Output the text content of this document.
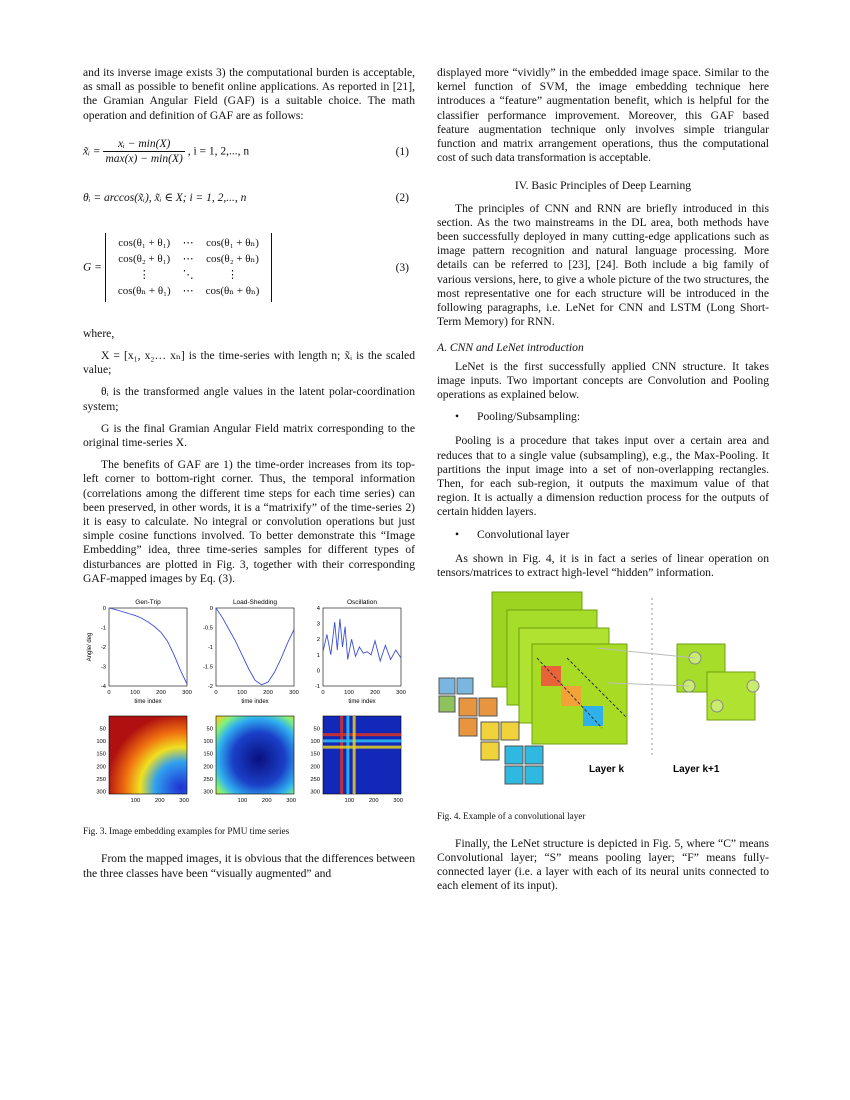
and its inverse image exists 3) the computational burden is acceptable, as small as possible to benefit online applications. As reported in [21], the Gramian Angular Field (GAF) is a suitable choice. The math operation and definition of GAF are as follows:

x̃ᵢ = $\frac{\text{xᵢ − min(X)}}{\max(x) - \min(X)}$ , i = 1, 2,..., n	(1)
θᵢ = arccos(x̃ᵢ), x̃ᵢ ∈ X; i = 1, 2,..., n	(2)
G =
cos(θ₁ + θ₁)	⋯	cos(θ₁ + θₙ)
cos(θ₂ + θ₁)	⋯	cos(θ₂ + θₙ)
⋮	⋱	⋮
cos(θₙ + θ₁)	⋯	cos(θₙ + θₙ)
(3)

where,

X = [x₁, x₂… xₙ] is the time-series with length n; x̃ᵢ is the scaled value;

θᵢ is the transformed angle values in the latent polar-coordination system;

G is the final Gramian Angular Field matrix corresponding to the original time-series X.

The benefits of GAF are 1) the time-order increases from its top-left corner to bottom-right corner. Thus, the temporal information (correlations among the different time steps for each time series) can been preserved, in other words, it is a “matrixify” of the time-series 2) it is easy to calculate. No integral or convolution operations but just simple cosine functions involved. To better demonstrate this “Image Embedding” idea, three time-series samples for different types of disturbances are plotted in Fig. 3, together with their corresponding GAF-mapped images by Eq. (3).

Gen-Trip
time index
Angle/ deg
0	100	200	300
0
-1
-2
-3
-4
Load-Shedding
time index
0	100	200	300
0
-0.5
-1
-1.5
-2
Oscillation
time index
0	100	200	300
4
3
2
1
0
-1
100	200	300
50
100
150
200
250
300
100	200	300
50
100
150
200
250
300
100	200	300
50
100
150
200
250
300
Fig. 3. Image embedding examples for PMU time series

From the mapped images, it is obvious that the differences between the three classes have been “visually augmented” and

displayed more “vividly” in the embedded image space. Similar to the kernel function of SVM, the image embedding technique here introduces a “feature” augmentation benefit, which is helpful for the classifier performance improvement. Moreover, this GAF based feature augmentation technique only involves simple triangular function and matrix arrangement operations, thus the computational cost of such data transformation is acceptable.

IV. Basic Principles of Deep Learning

The principles of CNN and RNN are briefly introduced in this section. As the two mainstreams in the DL area, both methods have been successfully deployed in many cutting-edge applications such as image pattern recognition and natural language processing. More details can be referred to [23], [24]. Both include a big family of various versions, here, to give a whole picture of the two structures, the most representative one for each structure will be introduced in the following paragraphs, i.e. LeNet for CNN and LSTM (Long Short-Term Memory) for RNN.

A. CNN and LeNet introduction

LeNet is the first successfully applied CNN structure. It takes image inputs. Two important concepts are Convolution and Pooling operations as explained below.

• Pooling/Subsampling:

Pooling is a procedure that takes input over a certain area and reduces that to a single value (subsampling), e.g., the Max-Pooling. It partitions the input image into a set of non-overlapping rectangles. Then, for each sub-region, it outputs the maximum value of that region. It is actually a dimension reduction process for the outputs of certain hidden layers.

• Convolutional layer

As shown in Fig. 4, it is in fact a series of linear operation on tensors/matrices to extract high-level “hidden” information.

Layer k	Layer k+1
Fig. 4. Example of a convolutional layer

Finally, the LeNet structure is depicted in Fig. 5, where “C” means Convolutional layer; “S” means pooling layer; “F” means fully-connected layer (i.e. a layer with each of its neural units connected to each element of its input).
